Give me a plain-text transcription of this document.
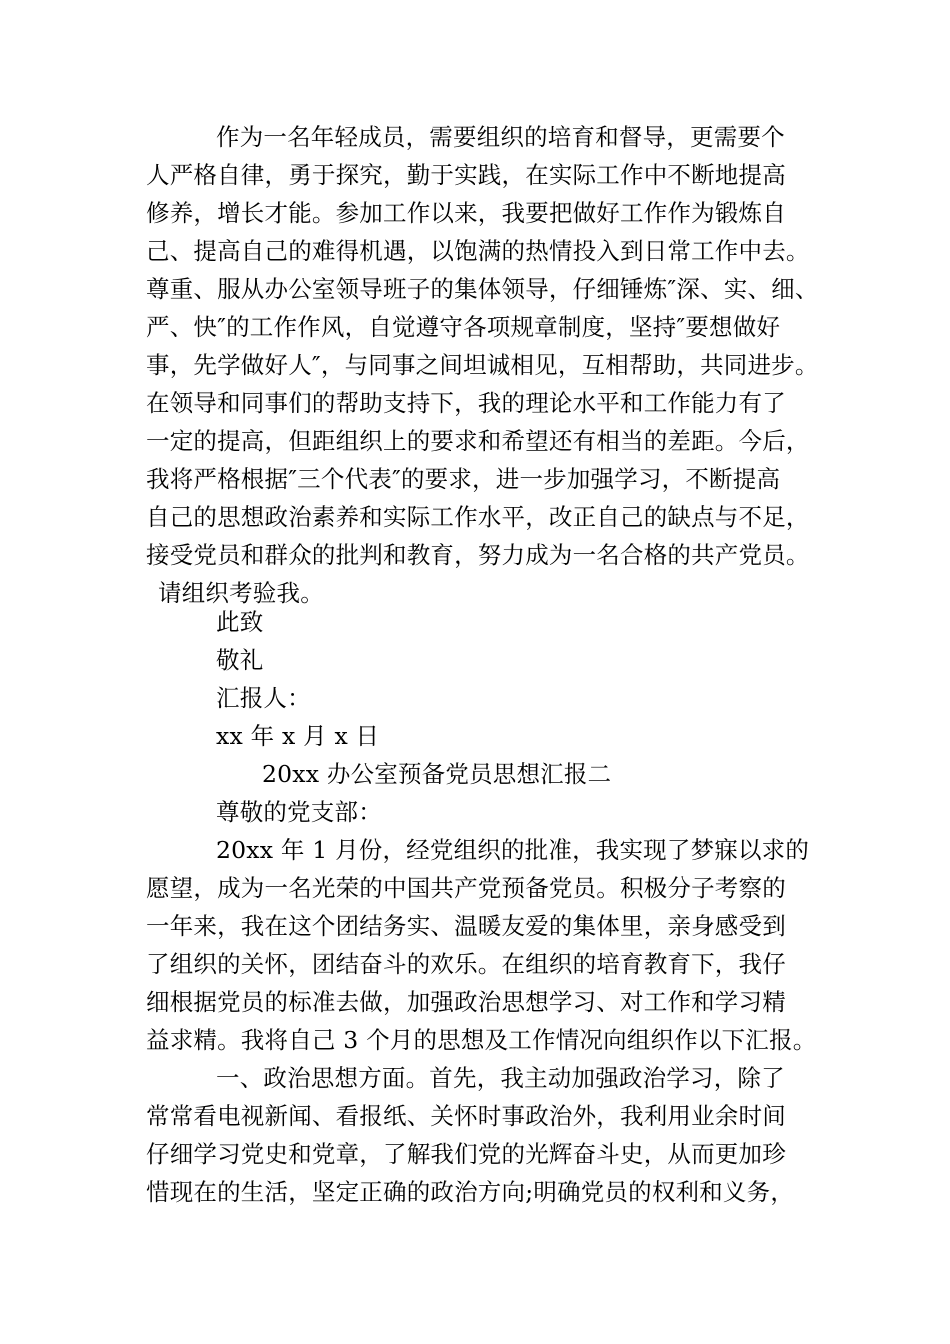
作为一名年轻成员，需要组织的培育和督导，更需要个
人严格自律，勇于探究，勤于实践，在实际工作中不断地提高
修养，增长才能。参加工作以来，我要把做好工作作为锻炼自
己、提高自己的难得机遇，以饱满的热情投入到日常工作中去。
尊重、服从办公室领导班子的集体领导，仔细锤炼″深、实、细、
严、快″的工作作风，自觉遵守各项规章制度，坚持″要想做好
事，先学做好人″，与同事之间坦诚相见，互相帮助，共同进步。
在领导和同事们的帮助支持下，我的理论水平和工作能力有了
一定的提高，但距组织上的要求和希望还有相当的差距。今后，
我将严格根据″三个代表″的要求，进一步加强学习，不断提高
自己的思想政治素养和实际工作水平，改正自己的缺点与不足，
接受党员和群众的批判和教育，努力成为一名合格的共产党员。
请组织考验我。
此致
敬礼
汇报人：
xx 年 x 月 x 日
20xx 办公室预备党员思想汇报二
尊敬的党支部：
20xx 年 1 月份，经党组织的批准，我实现了梦寐以求的
愿望，成为一名光荣的中国共产党预备党员。积极分子考察的
一年来，我在这个团结务实、温暖友爱的集体里，亲身感受到
了组织的关怀，团结奋斗的欢乐。在组织的培育教育下，我仔
细根据党员的标准去做，加强政治思想学习、对工作和学习精
益求精。我将自己 3 个月的思想及工作情况向组织作以下汇报。
一、政治思想方面。首先，我主动加强政治学习，除了
常常看电视新闻、看报纸、关怀时事政治外，我利用业余时间
仔细学习党史和党章，了解我们党的光辉奋斗史，从而更加珍
惜现在的生活，坚定正确的政治方向;明确党员的权利和义务，
